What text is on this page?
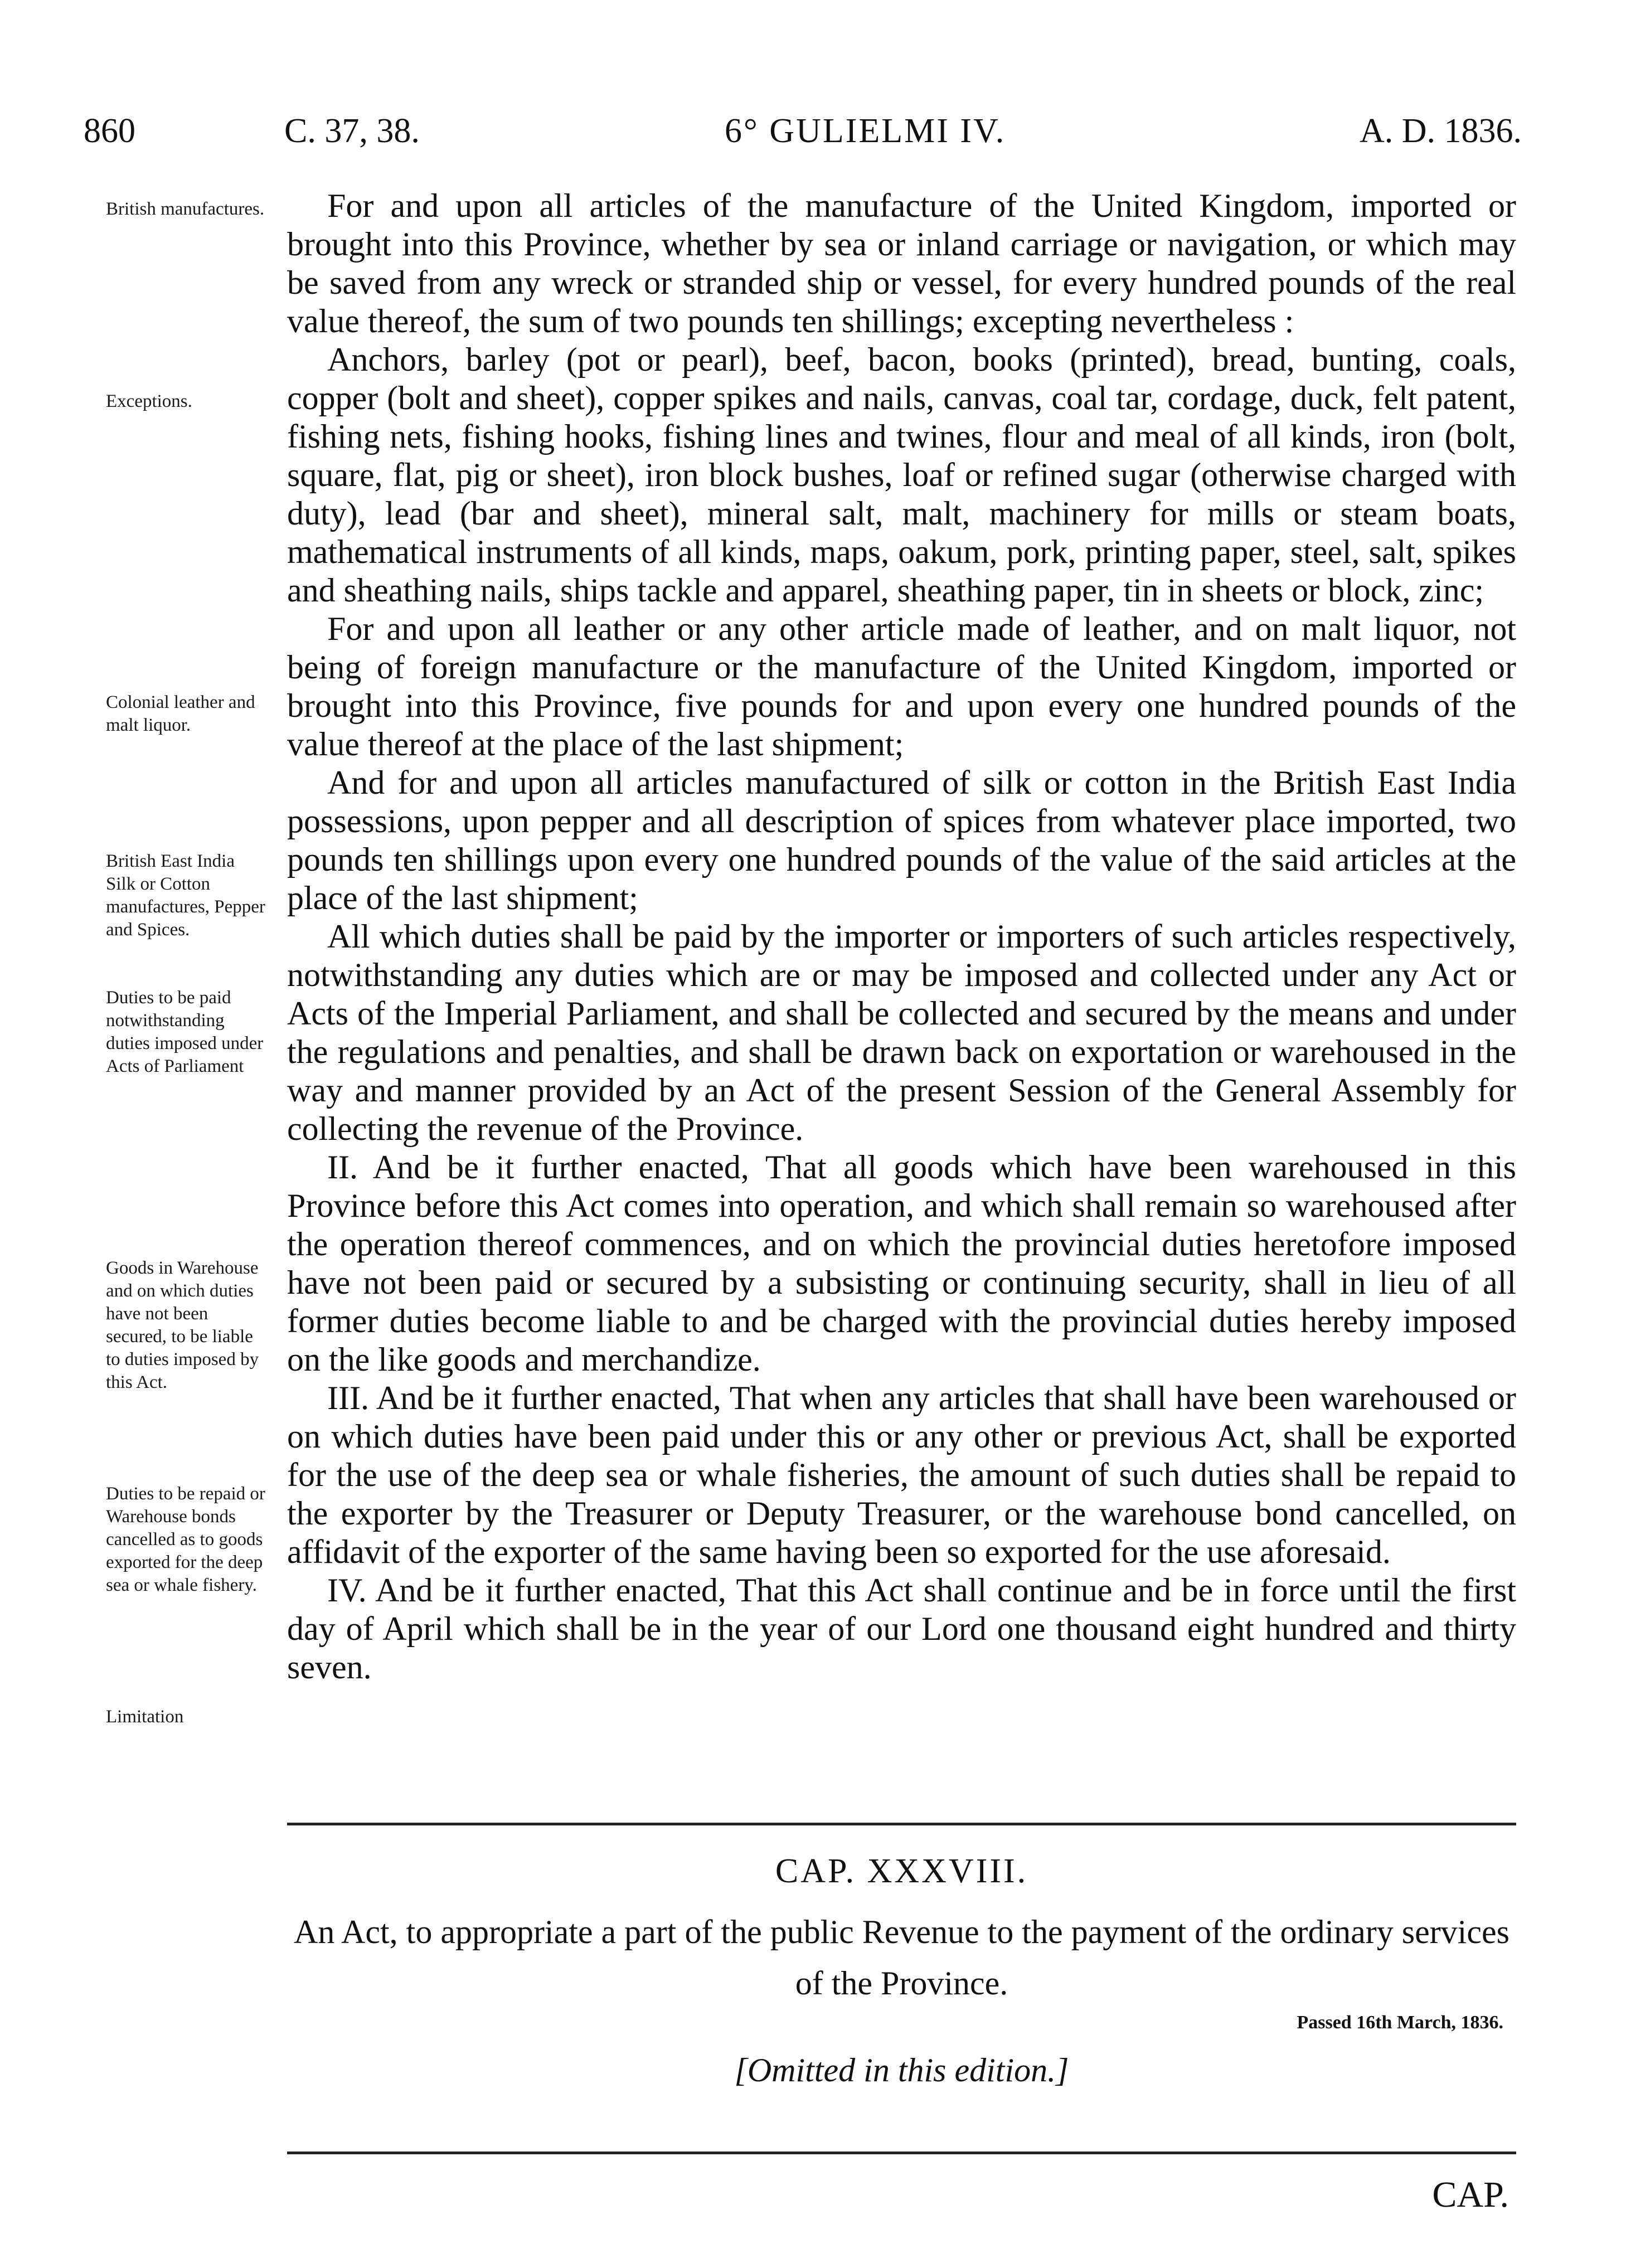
860	C. 37, 38.	6° GULIELMI IV.	A. D. 1836.
British manufactures.
Exceptions.
Colonial leather and malt liquor.
British East India Silk or Cotton manufactures, Pepper and Spices.
Duties to be paid notwithstanding duties imposed under Acts of Parliament
Goods in Warehouse and on which duties have not been secured, to be liable to duties imposed by this Act.
Duties to be repaid or Warehouse bonds cancelled as to goods exported for the deep sea or whale fishery.
Limitation

For and upon all articles of the manufacture of the United Kingdom, imported or brought into this Province, whether by sea or inland carriage or navigation, or which may be saved from any wreck or stranded ship or vessel, for every hundred pounds of the real value thereof, the sum of two pounds ten shillings; excepting nevertheless :

Anchors, barley (pot or pearl), beef, bacon, books (printed), bread, bunting, coals, copper (bolt and sheet), copper spikes and nails, canvas, coal tar, cordage, duck, felt patent, fishing nets, fishing hooks, fishing lines and twines, flour and meal of all kinds, iron (bolt, square, flat, pig or sheet), iron block bushes, loaf or refined sugar (otherwise charged with duty), lead (bar and sheet), mineral salt, malt, machinery for mills or steam boats, mathematical instruments of all kinds, maps, oakum, pork, printing paper, steel, salt, spikes and sheathing nails, ships tackle and apparel, sheathing paper, tin in sheets or block, zinc;

For and upon all leather or any other article made of leather, and on malt liquor, not being of foreign manufacture or the manufacture of the United Kingdom, imported or brought into this Province, five pounds for and upon every one hundred pounds of the value thereof at the place of the last shipment;

And for and upon all articles manufactured of silk or cotton in the British East India possessions, upon pepper and all description of spices from whatever place imported, two pounds ten shillings upon every one hundred pounds of the value of the said articles at the place of the last shipment;

All which duties shall be paid by the importer or importers of such articles respectively, notwithstanding any duties which are or may be imposed and collected under any Act or Acts of the Imperial Parliament, and shall be collected and secured by the means and under the regulations and penalties, and shall be drawn back on exportation or warehoused in the way and manner provided by an Act of the present Session of the General Assembly for collecting the revenue of the Province.

II. And be it further enacted, That all goods which have been warehoused in this Province before this Act comes into operation, and which shall remain so warehoused after the operation thereof commences, and on which the provincial duties heretofore imposed have not been paid or secured by a subsisting or continuing security, shall in lieu of all former duties become liable to and be charged with the provincial duties hereby imposed on the like goods and merchandize.

III. And be it further enacted, That when any articles that shall have been warehoused or on which duties have been paid under this or any other or previous Act, shall be exported for the use of the deep sea or whale fisheries, the amount of such duties shall be repaid to the exporter by the Treasurer or Deputy Treasurer, or the warehouse bond cancelled, on affidavit of the exporter of the same having been so exported for the use aforesaid.

IV. And be it further enacted, That this Act shall continue and be in force until the first day of April which shall be in the year of our Lord one thousand eight hundred and thirty seven.

CAP. XXXVIII.
An Act, to appropriate a part of the public Revenue to the payment of the ordinary services of the Province.
Passed 16th March, 1836.
[Omitted in this edition.]
CAP.
